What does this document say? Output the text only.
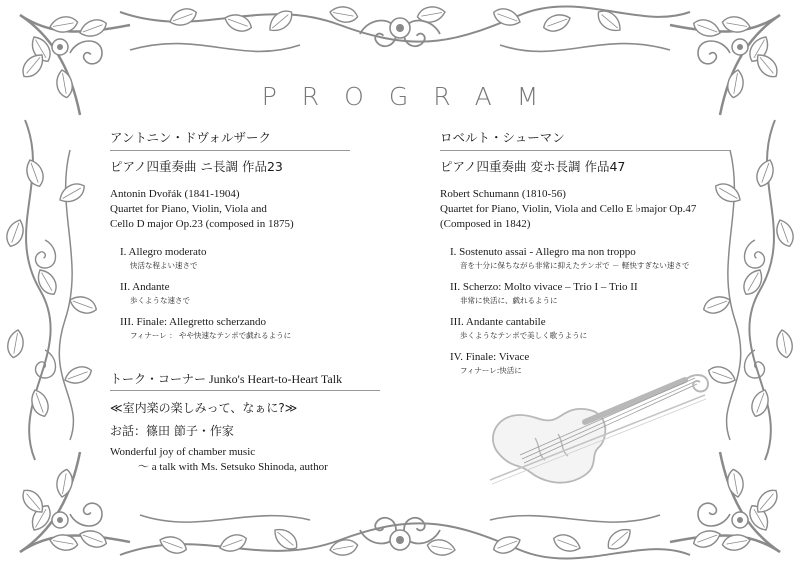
PROGRAM
アントニン・ドヴォルザーク
ピアノ四重奏曲 ニ長調 作品23
Antonin Dvořák (1841-1904)
Quartet for Piano, Violin, Viola and
Cello D major Op.23 (composed in 1875)
I. Allegro moderato
快活な程よい速さで
II. Andante
歩くような速さで
III. Finale: Allegretto scherzando
フィナーレ ： やや快速なテンポで戯れるように
ロベルト・シューマン
ピアノ四重奏曲 変ホ長調 作品47
Robert Schumann (1810-56)
Quartet for Piano, Violin, Viola and Cello E ♭major Op.47
(Composed in 1842)
I. Sostenuto assai - Allegro ma non troppo
音を十分に保ちながら非常に抑えたテンポで － 軽快すぎない速さで
II. Scherzo: Molto vivace – Trio I – Trio II
非常に快活に、戯れるように
III. Andante cantabile
歩くようなテンポで美しく歌うように
IV. Finale: Vivace
フィナーレ:快活に
トーク・コーナー Junko's Heart-to-Heart Talk
≪室内楽の楽しみって、なぁに?≫
お話：篠田 節子・作家
Wonderful joy of chamber music
～ a talk with Ms. Setsuko Shinoda, author
